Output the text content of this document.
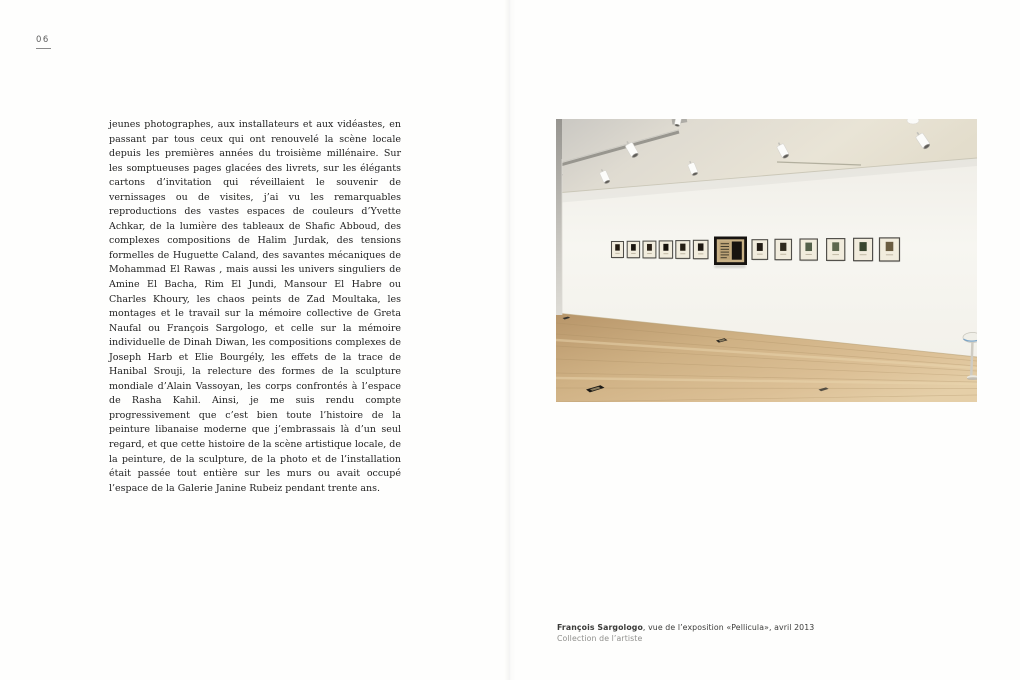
06

jeunes photographes, aux installateurs et aux vidéastes, en passant par tous ceux qui ont renouvelé la scène locale depuis les premières années du troisième millénaire. Sur les somptueuses pages glacées des livrets, sur les élégants cartons d’invitation qui réveillaient le souvenir de vernissages ou de visites, j’ai vu les remarquables reproductions des vastes espaces de couleurs d’Yvette Achkar, de la lumière des tableaux de Shafic Abboud, des complexes compositions de Halim Jurdak, des tensions formelles de Huguette Caland, des savantes mécaniques de Mohammad El Rawas , mais aussi les univers singuliers de Amine El Bacha, Rim El Jundi, Mansour El Habre ou Charles Khoury, les chaos peints de Zad Moultaka, les montages et le travail sur la mémoire collective de Greta Naufal ou François Sargologo, et celle sur la mémoire individuelle de Dinah Diwan, les compositions complexes de Joseph Harb et Elie Bourgély, les effets de la trace de Hanibal Srouji, la relecture des formes de la sculpture mondiale d’Alain Vassoyan, les corps confrontés à l’espace de Rasha Kahil. Ainsi, je me suis rendu compte progressivement que c’est bien toute l’histoire de la peinture libanaise moderne que j’embrassais là d’un seul regard, et que cette histoire de la scène artistique locale, de la peinture, de la sculpture, de la photo et de l’installation était passée tout entière sur les murs ou avait occupé l’espace de la Galerie Janine Rubeiz pendant trente ans.

François Sargologo, vue de l’exposition «Pellicula», avril 2013
Collection de l’artiste
